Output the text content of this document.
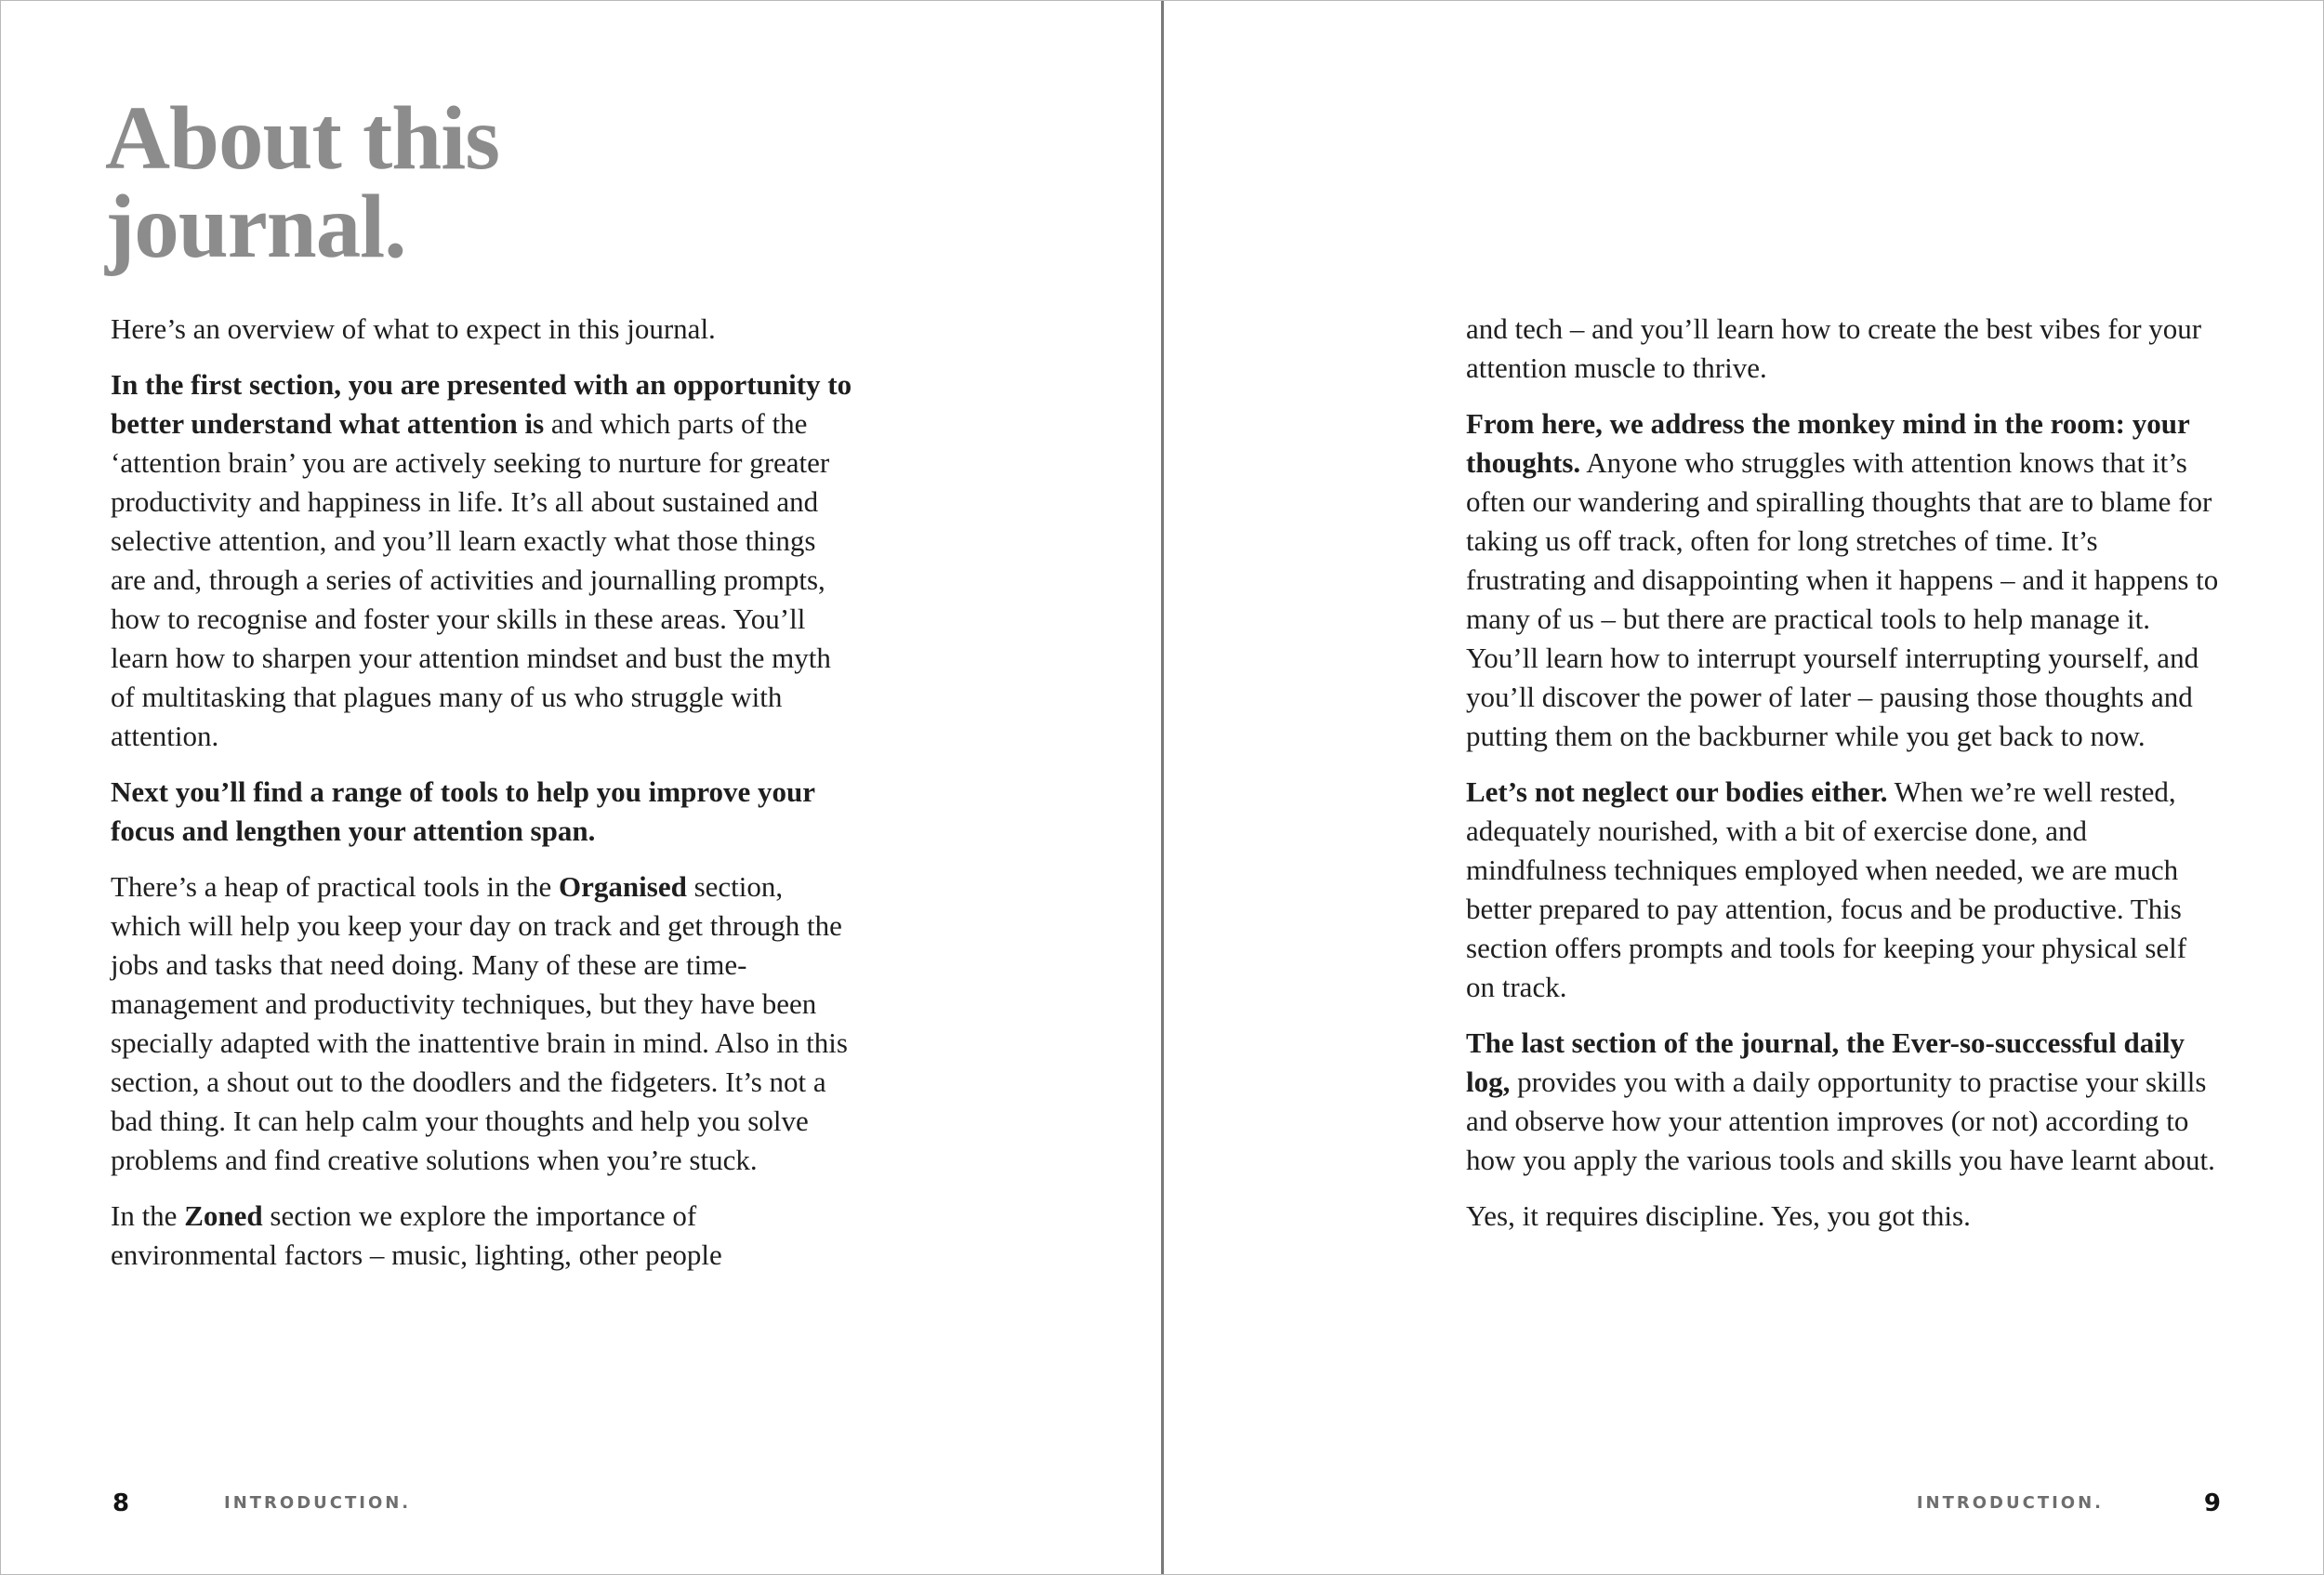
About this
journal.

Here’s an overview of what to expect in this journal.

In the first section, you are presented with an opportunity to better understand what attention is and which parts of the ‘attention brain’ you are actively seeking to nurture for greater productivity and happiness in life. It’s all about sustained and selective attention, and you’ll learn exactly what those things are and, through a series of activities and journalling prompts, how to recognise and foster your skills in these areas. You’ll learn how to sharpen your attention mindset and bust the myth of multitasking that plagues many of us who struggle with attention.

Next you’ll find a range of tools to help you improve your focus and lengthen your attention span.

There’s a heap of practical tools in the Organised section, which will help you keep your day on track and get through the jobs and tasks that need doing. Many of these are time-management and productivity techniques, but they have been specially adapted with the inattentive brain in mind. Also in this section, a shout out to the doodlers and the fidgeters. It’s not a bad thing. It can help calm your thoughts and help you solve problems and find creative solutions when you’re stuck.

In the Zoned section we explore the importance of environmental factors – music, lighting, other people

8	INTRODUCTION.

and tech – and you’ll learn how to create the best vibes for your attention muscle to thrive.

From here, we address the monkey mind in the room: your thoughts. Anyone who struggles with attention knows that it’s often our wandering and spiralling thoughts that are to blame for taking us off track, often for long stretches of time. It’s frustrating and disappointing when it happens – and it happens to many of us – but there are practical tools to help manage it. You’ll learn how to interrupt yourself interrupting yourself, and you’ll discover the power of later – pausing those thoughts and putting them on the backburner while you get back to now.

Let’s not neglect our bodies either. When we’re well rested, adequately nourished, with a bit of exercise done, and mindfulness techniques employed when needed, we are much better prepared to pay attention, focus and be productive. This section offers prompts and tools for keeping your physical self on track.

The last section of the journal, the Ever-so-successful daily log, provides you with a daily opportunity to practise your skills and observe how your attention improves (or not) according to how you apply the various tools and skills you have learnt about.

Yes, it requires discipline. Yes, you got this.

INTRODUCTION.	9
